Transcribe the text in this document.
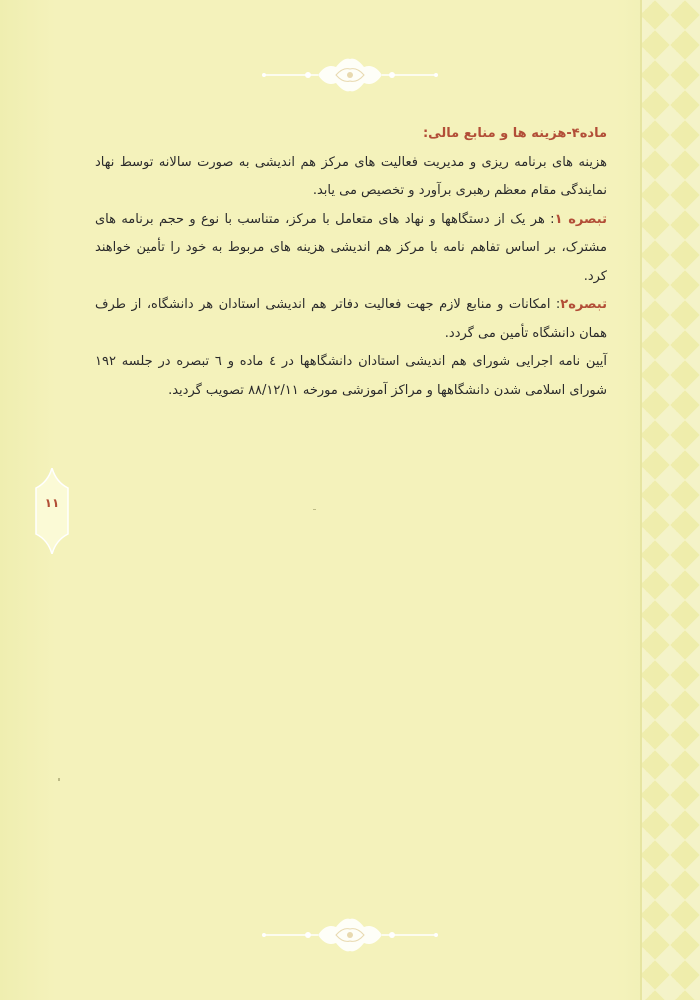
ماده۴-هزینه ها و منابع مالی:

هزینه های برنامه ریزی و مدیریت فعالیت های مرکز هم اندیشی به صورت سالانه توسط نهاد نمایندگی مقام معظم رهبری برآورد و تخصیص می یابد.

تبصره ۱: هر یک از دستگاهها و نهاد های متعامل با مرکز، متناسب با نوع و حجم برنامه های مشترک، بر اساس تفاهم نامه با مرکز هم اندیشی هزینه های مربوط به خود را تأمین خواهند کرد.

تبصره۲: امکانات و منابع لازم جهت فعالیت دفاتر هم اندیشی استادان هر دانشگاه، از طرف همان دانشگاه تأمین می گردد.

آیین نامه اجرایی شورای هم اندیشی استادان دانشگاهها در ٤ ماده و ٦ تبصره در جلسه ۱۹۲ شورای اسلامی شدن دانشگاهها و مراکز آموزشی مورخه ۸۸/۱۲/۱۱ تصویب گردید.

۱۱
